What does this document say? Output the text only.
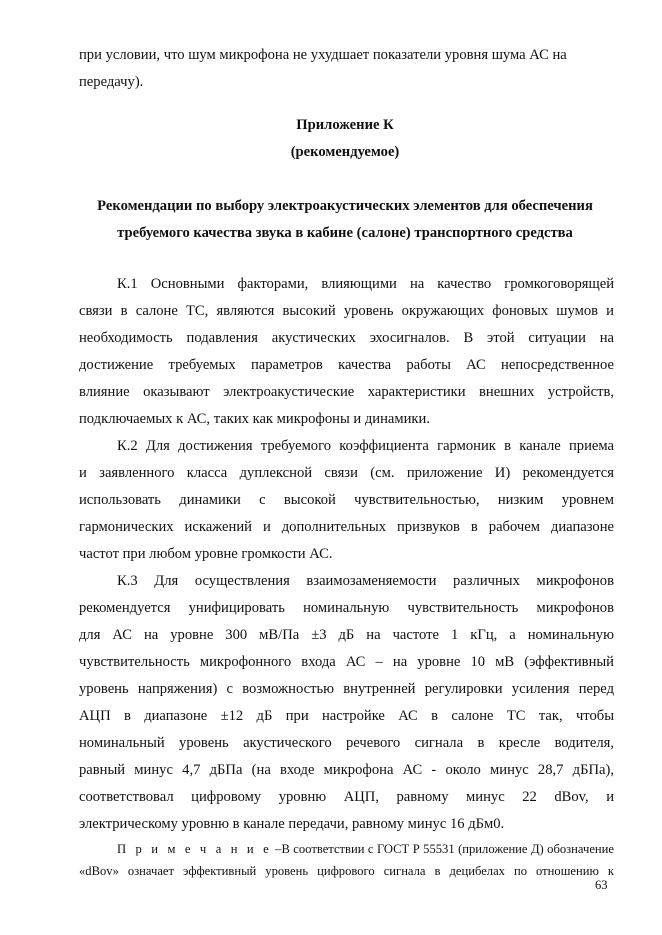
при условии, что шум микрофона не ухудшает показатели уровня шума АС на
передачу).
Приложение К
(рекомендуемое)
Рекомендации по выбору электроакустических элементов для обеспечения
требуемого качества звука в кабине (салоне) транспортного средства
К.1 Основными факторами, влияющими на качество громкоговорящей
связи в салоне ТС, являются высокий уровень окружающих фоновых шумов и
необходимость подавления акустических эхосигналов. В этой ситуации на
достижение требуемых параметров качества работы АС непосредственное
влияние оказывают электроакустические характеристики внешних устройств,
подключаемых к АС, таких как микрофоны и динамики.
К.2 Для достижения требуемого коэффициента гармоник в канале приема
и заявленного класса дуплексной связи (см. приложение И) рекомендуется
использовать динамики с высокой чувствительностью, низким уровнем
гармонических искажений и дополнительных призвуков в рабочем диапазоне
частот при любом уровне громкости АС.
К.3 Для осуществления взаимозаменяемости различных микрофонов
рекомендуется унифицировать номинальную чувствительность микрофонов
для АС на уровне 300 мВ/Па ±3 дБ на частоте 1 кГц, а номинальную
чувствительность микрофонного входа АС – на уровне 10 мВ (эффективный
уровень напряжения) с возможностью внутренней регулировки усиления перед
АЦП в диапазоне ±12 дБ при настройке АС в салоне ТС так, чтобы
номинальный уровень акустического речевого сигнала в кресле водителя,
равный минус 4,7 дБПа (на входе микрофона АС - около минус 28,7 дБПа),
соответствовал цифровому уровню АЦП, равному минус 22 dBov, и
электрическому уровню в канале передачи, равному минус 16 дБм0.
П р и м е ч а н и е –В соответствии с ГОСТ Р 55531 (приложение Д) обозначение
«dBov» означает эффективный уровень цифрового сигнала в децибелах по отношению к
63
